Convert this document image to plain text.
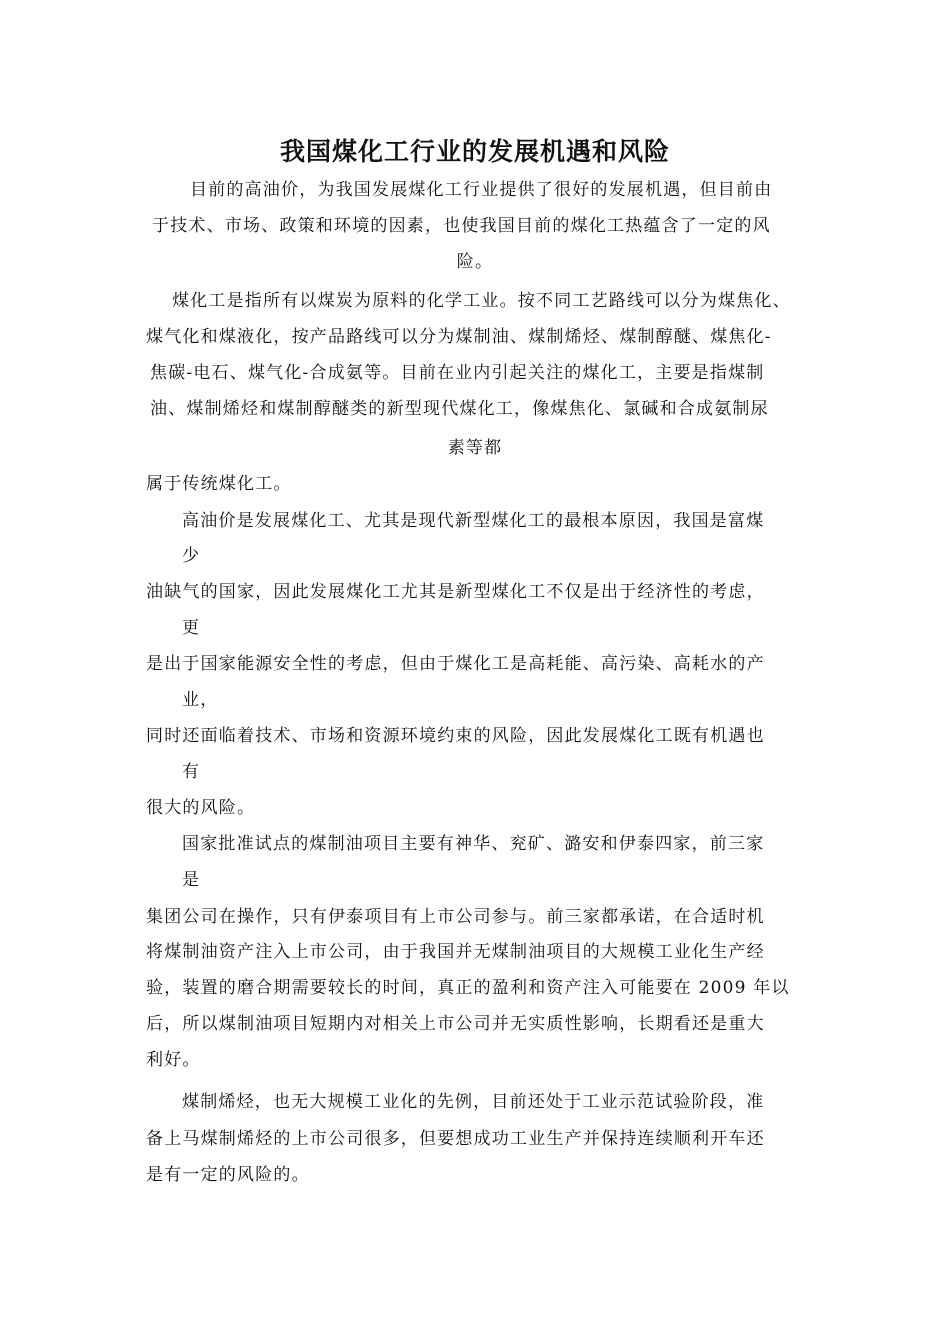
我国煤化工行业的发展机遇和风险
目前的高油价，为我国发展煤化工行业提供了很好的发展机遇，但目前由
于技术、市场、政策和环境的因素，也使我国目前的煤化工热蕴含了一定的风
险。
煤化工是指所有以煤炭为原料的化学工业。按不同工艺路线可以分为煤焦化、
煤气化和煤液化，按产品路线可以分为煤制油、煤制烯烃、煤制醇醚、煤焦化-
焦碳-电石、煤气化-合成氨等。目前在业内引起关注的煤化工，主要是指煤制
油、煤制烯烃和煤制醇醚类的新型现代煤化工，像煤焦化、氯碱和合成氨制尿
素等都
属于传统煤化工。
高油价是发展煤化工、尤其是现代新型煤化工的最根本原因，我国是富煤
少
油缺气的国家，因此发展煤化工尤其是新型煤化工不仅是出于经济性的考虑，
更
是出于国家能源安全性的考虑，但由于煤化工是高耗能、高污染、高耗水的产
业，
同时还面临着技术、市场和资源环境约束的风险，因此发展煤化工既有机遇也
有
很大的风险。
国家批准试点的煤制油项目主要有神华、兖矿、潞安和伊泰四家，前三家
是
集团公司在操作，只有伊泰项目有上市公司参与。前三家都承诺，在合适时机
将煤制油资产注入上市公司，由于我国并无煤制油项目的大规模工业化生产经
验，装置的磨合期需要较长的时间，真正的盈利和资产注入可能要在 2009 年以
后，所以煤制油项目短期内对相关上市公司并无实质性影响，长期看还是重大
利好。
煤制烯烃，也无大规模工业化的先例，目前还处于工业示范试验阶段，准
备上马煤制烯烃的上市公司很多，但要想成功工业生产并保持连续顺利开车还
是有一定的风险的。
